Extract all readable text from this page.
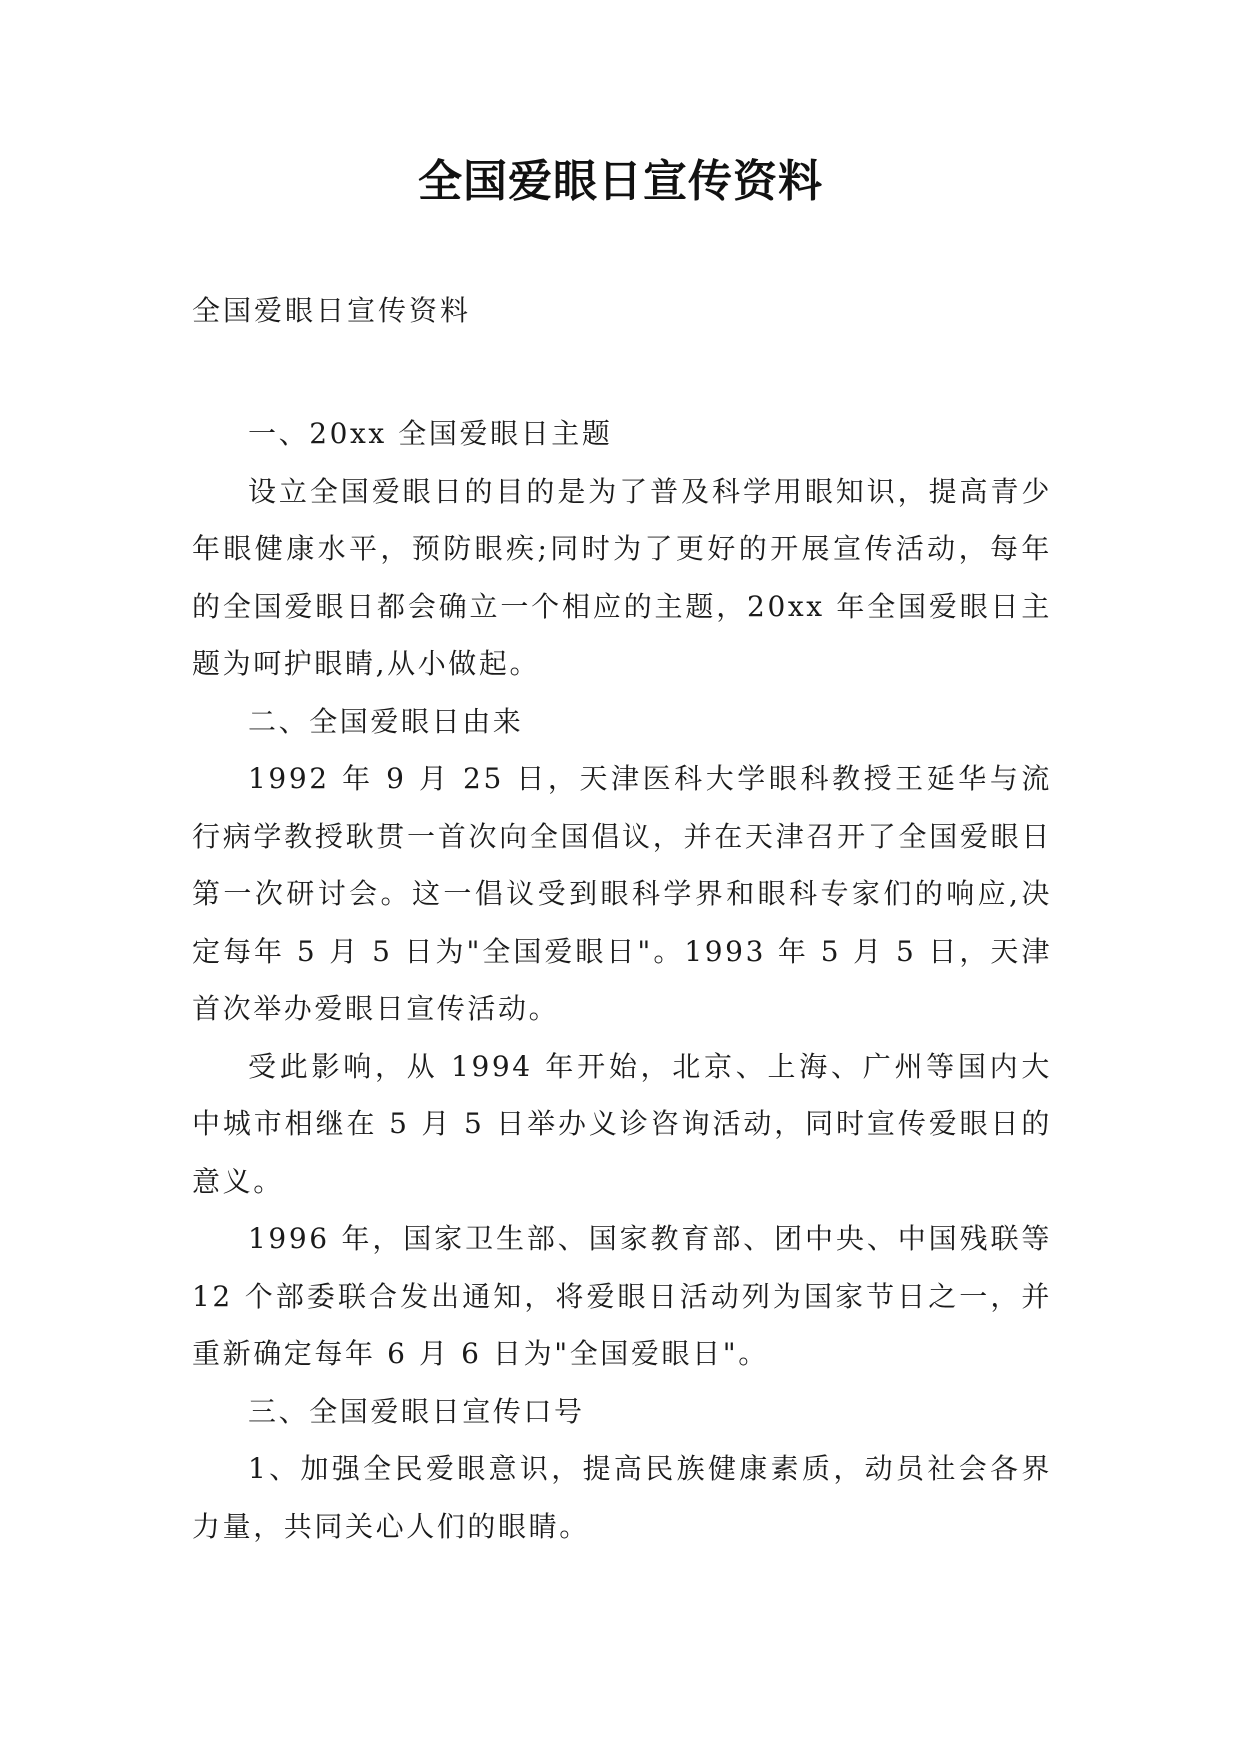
全国爱眼日宣传资料
全国爱眼日宣传资料

一、20xx 全国爱眼日主题

设立全国爱眼日的目的是为了普及科学用眼知识，提高青少年眼健康水平，预防眼疾;同时为了更好的开展宣传活动，每年的全国爱眼日都会确立一个相应的主题，20xx 年全国爱眼日主题为呵护眼睛,从小做起。

二、全国爱眼日由来

1992 年 9 月 25 日，天津医科大学眼科教授王延华与流行病学教授耿贯一首次向全国倡议，并在天津召开了全国爱眼日第一次研讨会。这一倡议受到眼科学界和眼科专家们的响应,决定每年 5 月 5 日为"全国爱眼日"。1993 年 5 月 5 日，天津首次举办爱眼日宣传活动。

受此影响，从 1994 年开始，北京、上海、广州等国内大中城市相继在 5 月 5 日举办义诊咨询活动，同时宣传爱眼日的意义。

1996 年，国家卫生部、国家教育部、团中央、中国残联等 12 个部委联合发出通知，将爱眼日活动列为国家节日之一，并重新确定每年 6 月 6 日为"全国爱眼日"。

三、全国爱眼日宣传口号

1、加强全民爱眼意识，提高民族健康素质，动员社会各界力量，共同关心人们的眼睛。
